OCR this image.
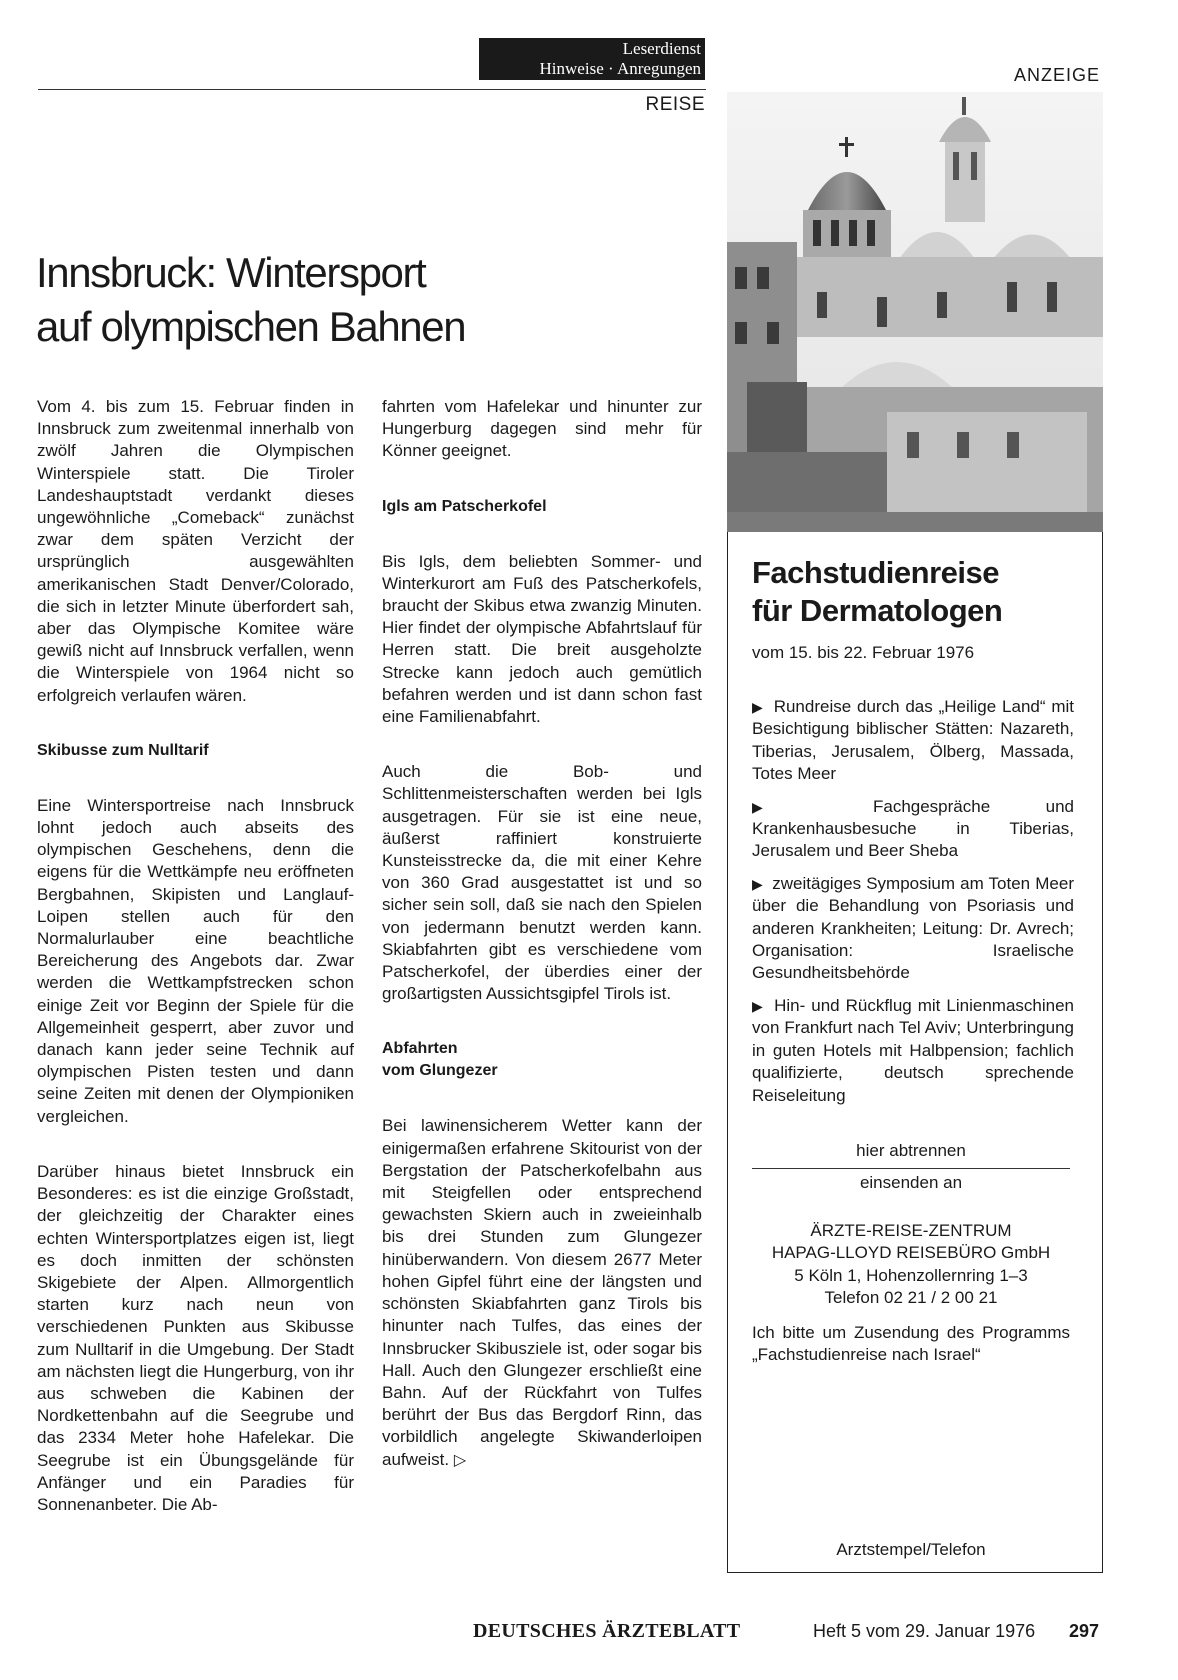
Leserdienst
Hinweise · Anregungen
REISE
ANZEIGE
Innsbruck: Wintersport
auf olympischen Bahnen

Vom 4. bis zum 15. Februar finden in Innsbruck zum zweitenmal innerhalb von zwölf Jahren die Olympischen Winterspiele statt. Die Tiroler Landeshauptstadt verdankt dieses ungewöhnliche „Comeback“ zunächst zwar dem späten Verzicht der ursprünglich ausgewählten amerikanischen Stadt Denver/Colorado, die sich in letzter Minute überfordert sah, aber das Olympische Komitee wäre gewiß nicht auf Innsbruck verfallen, wenn die Winterspiele von 1964 nicht so erfolgreich verlaufen wären.

Skibusse zum Nulltarif

Eine Wintersportreise nach Innsbruck lohnt jedoch auch abseits des olympischen Geschehens, denn die eigens für die Wettkämpfe neu eröffneten Bergbahnen, Skipisten und Langlauf-Loipen stellen auch für den Normalurlauber eine beachtliche Bereicherung des Angebots dar. Zwar werden die Wettkampfstrecken schon einige Zeit vor Beginn der Spiele für die Allgemeinheit gesperrt, aber zuvor und danach kann jeder seine Technik auf olympischen Pisten testen und dann seine Zeiten mit denen der Olympioniken vergleichen.

Darüber hinaus bietet Innsbruck ein Besonderes: es ist die einzige Großstadt, der gleichzeitig der Charakter eines echten Wintersportplatzes eigen ist, liegt es doch inmitten der schönsten Skigebiete der Alpen. Allmorgentlich starten kurz nach neun von verschiedenen Punkten aus Skibusse zum Nulltarif in die Umgebung. Der Stadt am nächsten liegt die Hungerburg, von ihr aus schweben die Kabinen der Nordkettenbahn auf die Seegrube und das 2334 Meter hohe Hafelekar. Die Seegrube ist ein Übungsgelände für Anfänger und ein Paradies für Sonnenanbeter. Die Ab-

fahrten vom Hafelekar und hinunter zur Hungerburg dagegen sind mehr für Könner geeignet.

Igls am Patscherkofel

Bis Igls, dem beliebten Sommer- und Winterkurort am Fuß des Patscherkofels, braucht der Skibus etwa zwanzig Minuten. Hier findet der olympische Abfahrtslauf für Herren statt. Die breit ausgeholzte Strecke kann jedoch auch gemütlich befahren werden und ist dann schon fast eine Familienabfahrt.

Auch die Bob- und Schlittenmeisterschaften werden bei Igls ausgetragen. Für sie ist eine neue, äußerst raffiniert konstruierte Kunsteisstrecke da, die mit einer Kehre von 360 Grad ausgestattet ist und so sicher sein soll, daß sie nach den Spielen von jedermann benutzt werden kann. Skiabfahrten gibt es verschiedene vom Patscherkofel, der überdies einer der großartigsten Aussichtsgipfel Tirols ist.

Abfahrten
vom Glungezer

Bei lawinensicherem Wetter kann der einigermaßen erfahrene Skitourist von der Bergstation der Patscherkofelbahn aus mit Steigfellen oder entsprechend gewachsten Skiern auch in zweieinhalb bis drei Stunden zum Glungezer hinüberwandern. Von diesem 2677 Meter hohen Gipfel führt eine der längsten und schönsten Skiabfahrten ganz Tirols bis hinunter nach Tulfes, das eines der Innsbrucker Skibusziele ist, oder sogar bis Hall. Auch den Glungezer erschließt eine Bahn. Auf der Rückfahrt von Tulfes berührt der Bus das Bergdorf Rinn, das vorbildlich angelegte Skiwanderloipen aufweist. ▷

Fachstudienreise
für Dermatologen
vom 15. bis 22. Februar 1976
▶ Rundreise durch das „Heilige Land“ mit Besichtigung biblischer Stätten: Nazareth, Tiberias, Jerusalem, Ölberg, Massada, Totes Meer
▶	Fachgespräche und Krankenhausbesuche in Tiberias, Jerusalem und Beer Sheba
▶ zweitägiges Symposium am Toten Meer über die Behandlung von Psoriasis und anderen Krankheiten; Leitung: Dr. Avrech; Organisation: Israelische Gesundheitsbehörde
▶ Hin- und Rückflug mit Linienmaschinen von Frankfurt nach Tel Aviv; Unterbringung in guten Hotels mit Halbpension; fachlich qualifizierte, deutsch sprechende Reiseleitung
hier abtrennen
einsenden an
ÄRZTE-REISE-ZENTRUM
HAPAG-LLOYD REISEBÜRO GmbH
5 Köln 1, Hohenzollernring 1–3
Telefon 02 21 / 2 00 21
Ich bitte um Zusendung des Programms „Fachstudienreise nach Israel“
Arztstempel/Telefon
DEUTSCHES ÄRZTEBLATT	Heft 5 vom 29. Januar 1976 297
